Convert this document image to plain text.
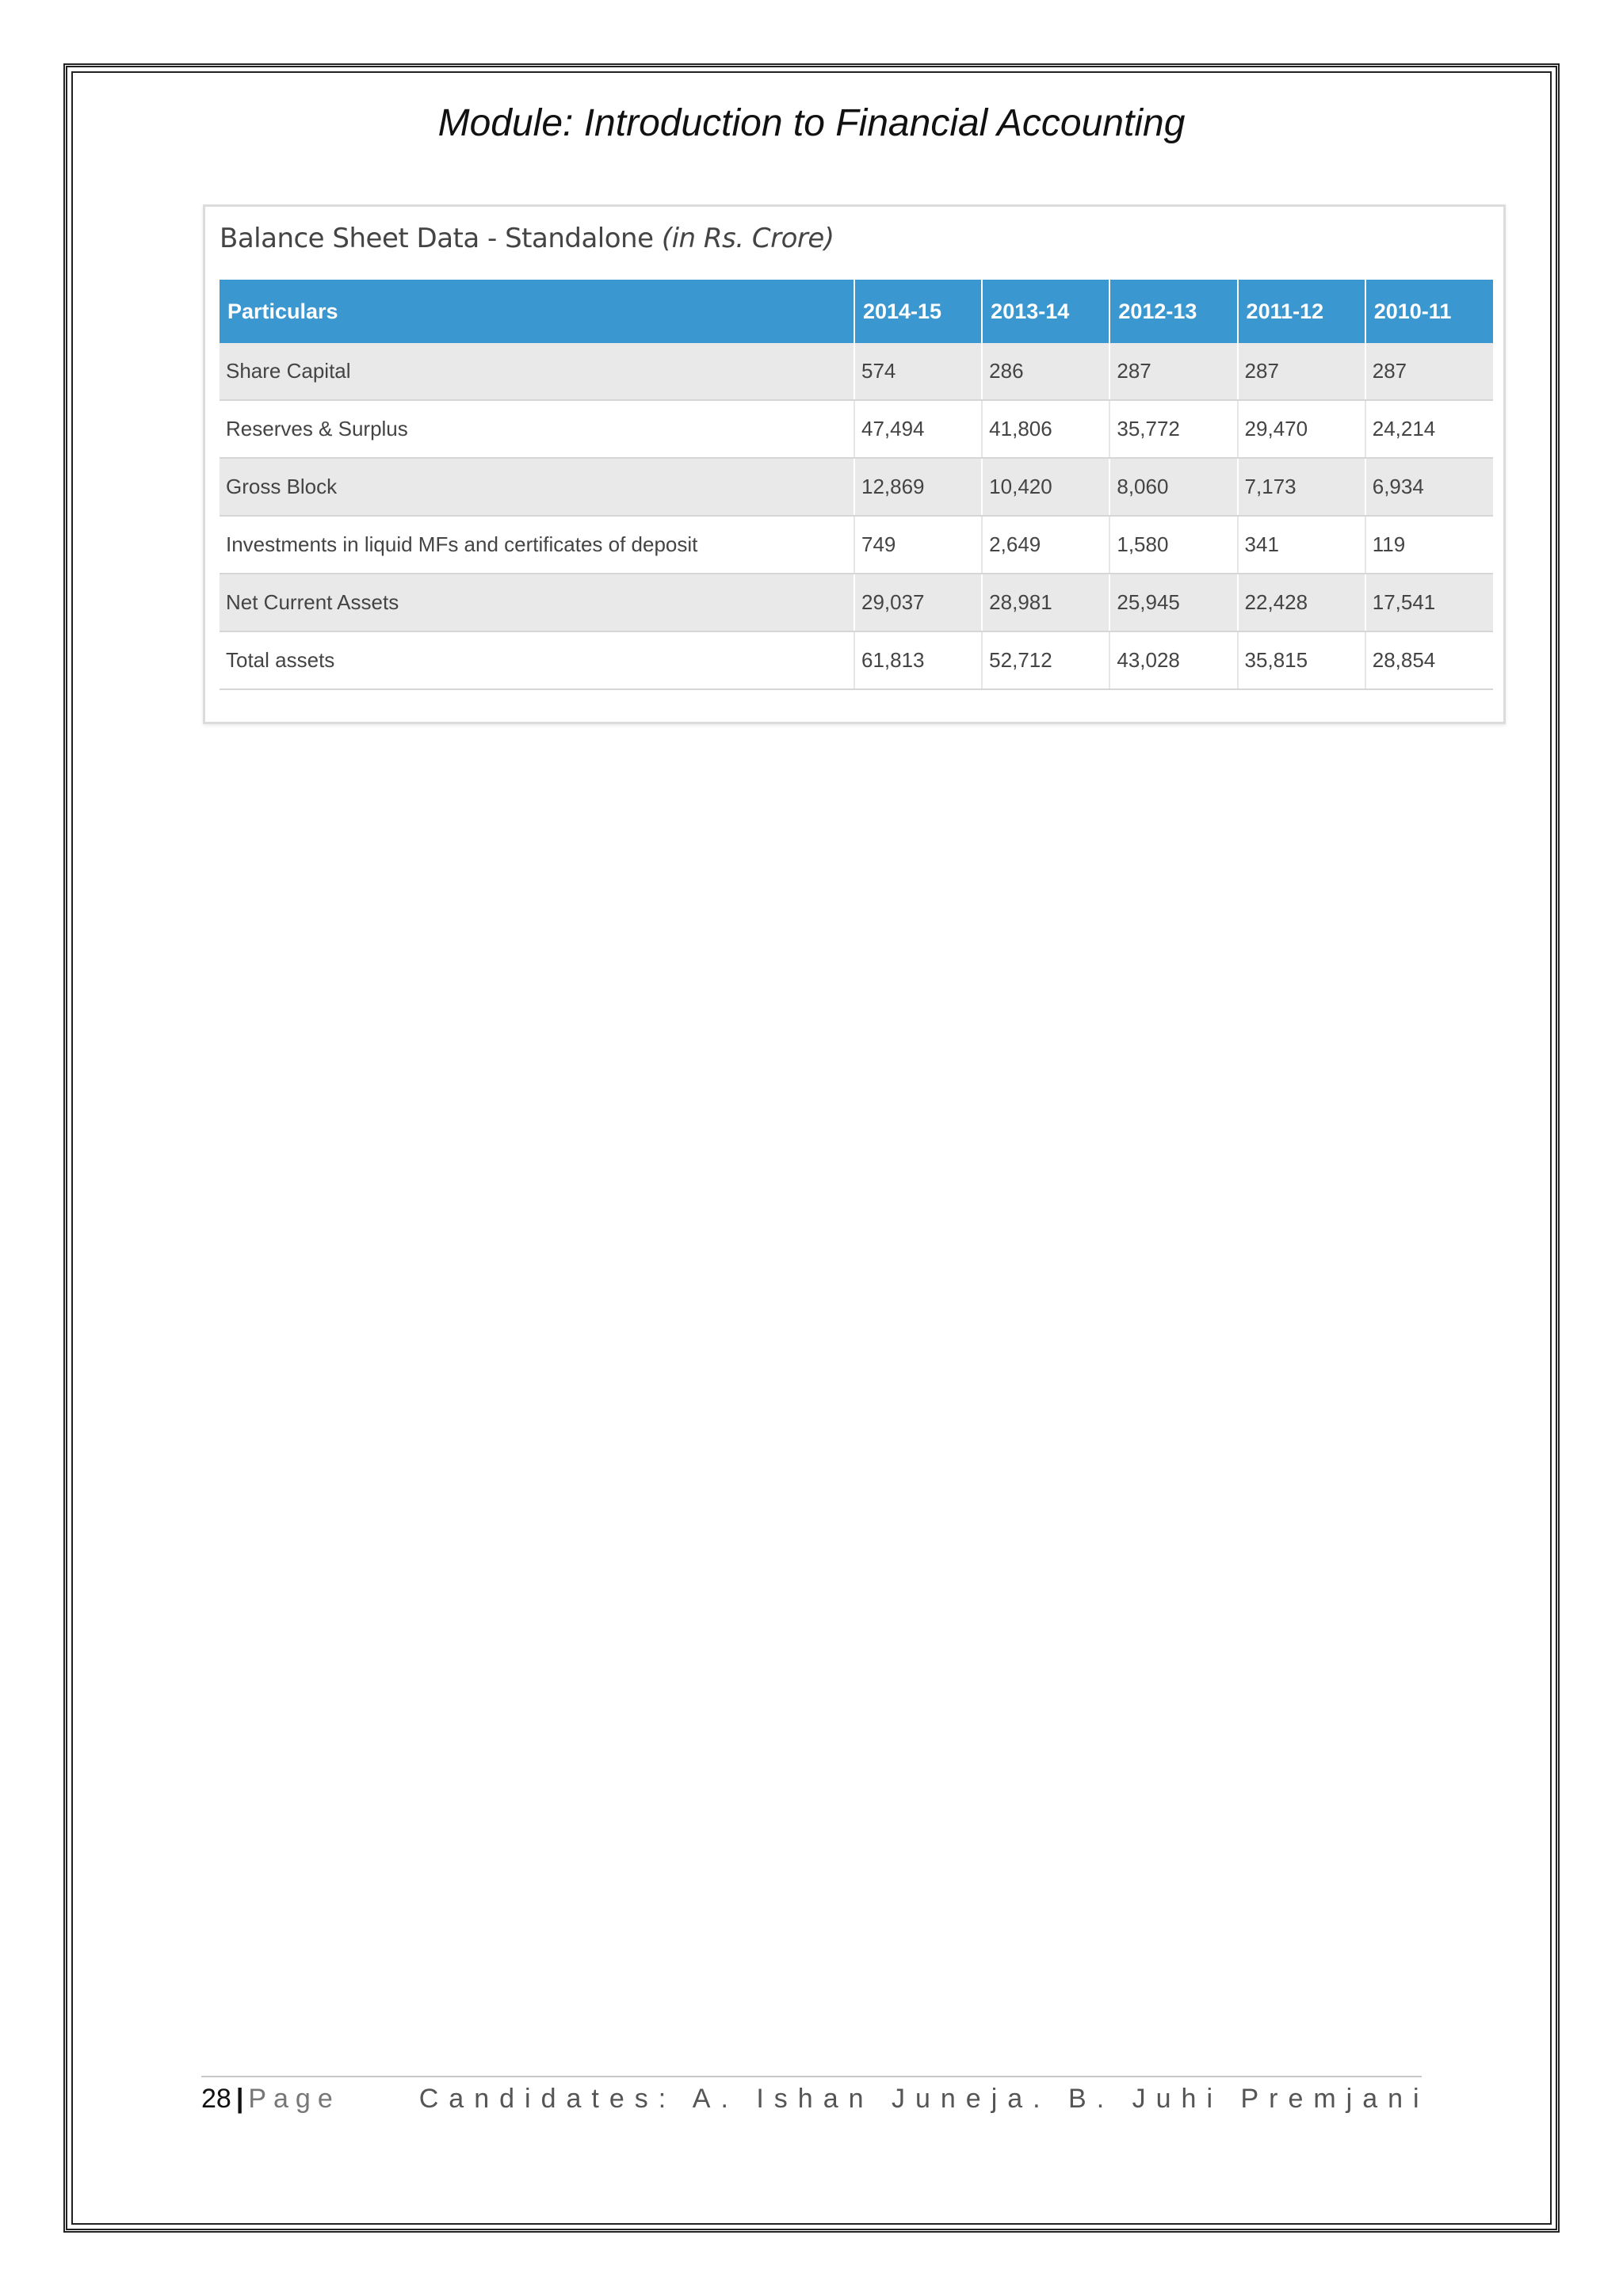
Module: Introduction to Financial Accounting
Balance Sheet Data - Standalone (in Rs. Crore)
Particulars	2014-15	2013-14	2012-13	2011-12	2010-11
Share Capital	574	286	287	287	287
Reserves & Surplus	47,494	41,806	35,772	29,470	24,214
Gross Block	12,869	10,420	8,060	7,173	6,934
Investments in liquid MFs and certificates of deposit	749	2,649	1,580	341	119
Net Current Assets	29,037	28,981	25,945	22,428	17,541
Total assets	61,813	52,712	43,028	35,815	28,854
28 | Page	Candidates: A. Ishan Juneja. B. Juhi Premjani
